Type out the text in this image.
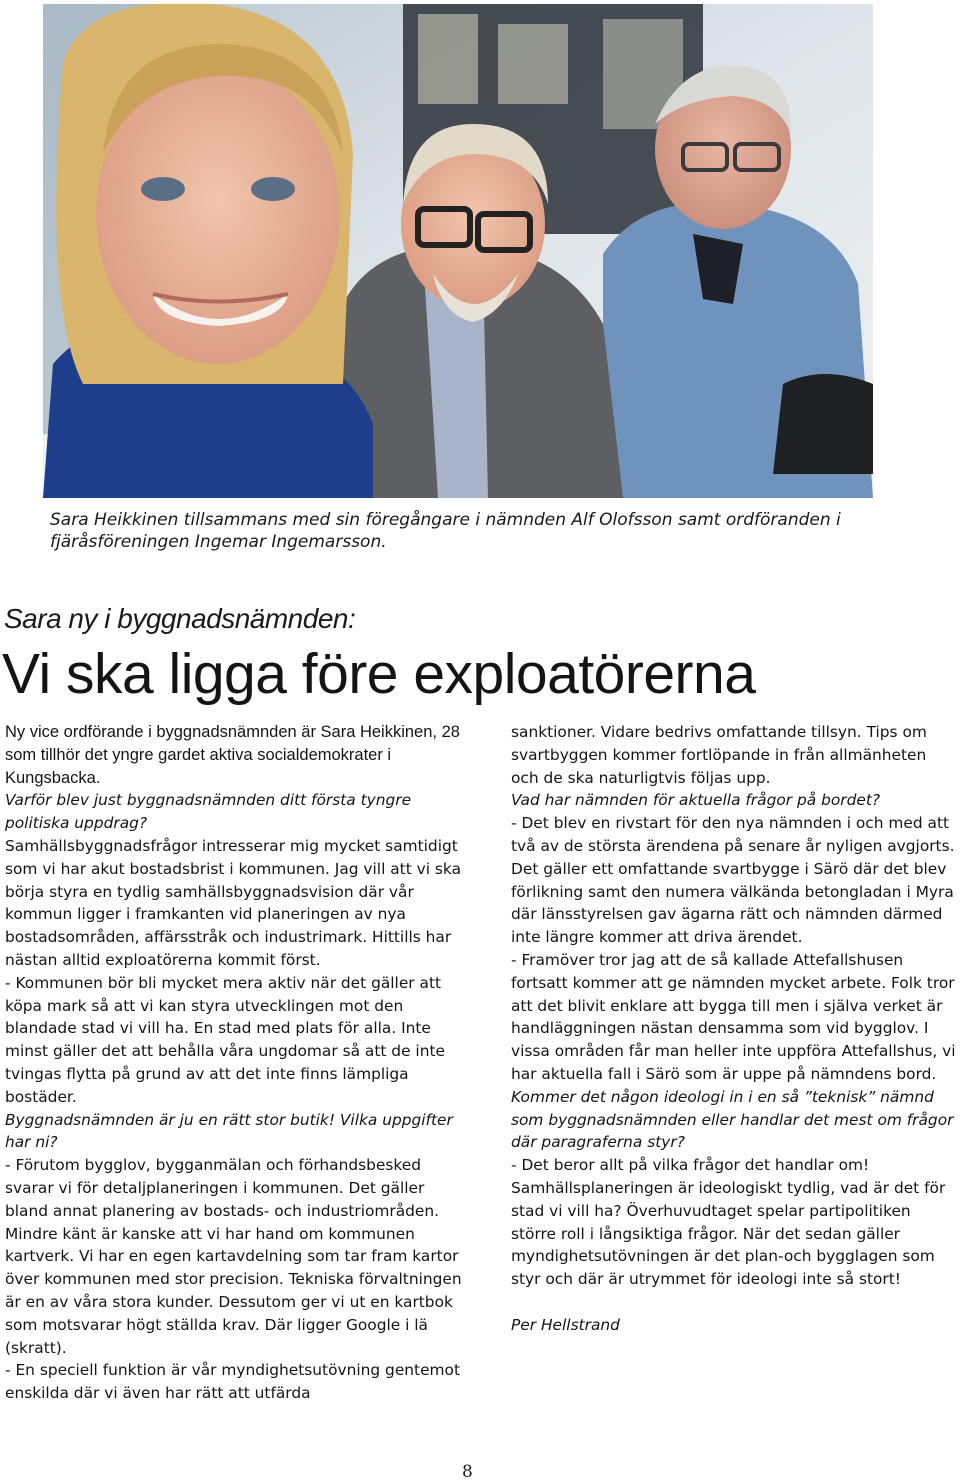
Sara Heikkinen tillsammans med sin föregångare i nämnden Alf Olofsson samt ordföranden i fjäråsföreningen Ingemar Ingemarsson.
Sara ny i byggnadsnämnden:
Vi ska ligga före exploatörerna

Ny vice ordförande i byggnadsnämnden är Sara Heikkinen, 28 som tillhör det yngre gardet aktiva socialdemokrater i Kungsbacka.

Varför blev just byggnadsnämnden ditt första tyngre politiska uppdrag?

Samhällsbyggnadsfrågor intresserar mig mycket samtidigt som vi har akut bostadsbrist i kommunen. Jag vill att vi ska börja styra en tydlig samhällsbyggnadsvision där vår kommun ligger i framkanten vid planeringen av nya bostadsområden, affärsstråk och industrimark. Hittills har nästan alltid exploatörerna kommit först.

- Kommunen bör bli mycket mera aktiv när det gäller att köpa mark så att vi kan styra utvecklingen mot den blandade stad vi vill ha. En stad med plats för alla. Inte minst gäller det att behålla våra ungdomar så att de inte tvingas flytta på grund av att det inte finns lämpliga bostäder.

Byggnadsnämnden är ju en rätt stor butik! Vilka uppgifter har ni?

- Förutom bygglov, bygganmälan och förhandsbesked svarar vi för detaljplaneringen i kommunen. Det gäller bland annat planering av bostads- och industriområden. Mindre känt är kanske att vi har hand om kommunen kartverk. Vi har en egen kartavdelning som tar fram kartor över kommunen med stor precision. Tekniska förvaltningen är en av våra stora kunder. Dessutom ger vi ut en kartbok som motsvarar högt ställda krav. Där ligger Google i lä (skratt).

- En speciell funktion är vår myndighetsutövning gentemot enskilda där vi även har rätt att utfärda

sanktioner. Vidare bedrivs omfattande tillsyn. Tips om svartbyggen kommer fortlöpande in från allmänheten och de ska naturligtvis följas upp.

Vad har nämnden för aktuella frågor på bordet?

- Det blev en rivstart för den nya nämnden i och med att två av de största ärendena på senare år nyligen avgjorts. Det gäller ett omfattande svartbygge i Särö där det blev förlikning samt den numera välkända betongladan i Myra där länsstyrelsen gav ägarna rätt och nämnden därmed inte längre kommer att driva ärendet.

- Framöver tror jag att de så kallade Attefallshusen fortsatt kommer att ge nämnden mycket arbete. Folk tror att det blivit enklare att bygga till men i själva verket är handläggningen nästan densamma som vid bygglov. I vissa områden får man heller inte uppföra Attefallshus, vi har aktuella fall i Särö som är uppe på nämndens bord.

Kommer det någon ideologi in i en så ”teknisk” nämnd som byggnadsnämnden eller handlar det mest om frågor där paragraferna styr?

- Det beror allt på vilka frågor det handlar om! Samhällsplaneringen är ideologiskt tydlig, vad är det för stad vi vill ha? Överhuvudtaget spelar partipolitiken större roll i långsiktiga frågor. När det sedan gäller myndighetsutövningen är det plan-och bygglagen som styr och där är utrymmet för ideologi inte så stort!

Per Hellstrand

8
